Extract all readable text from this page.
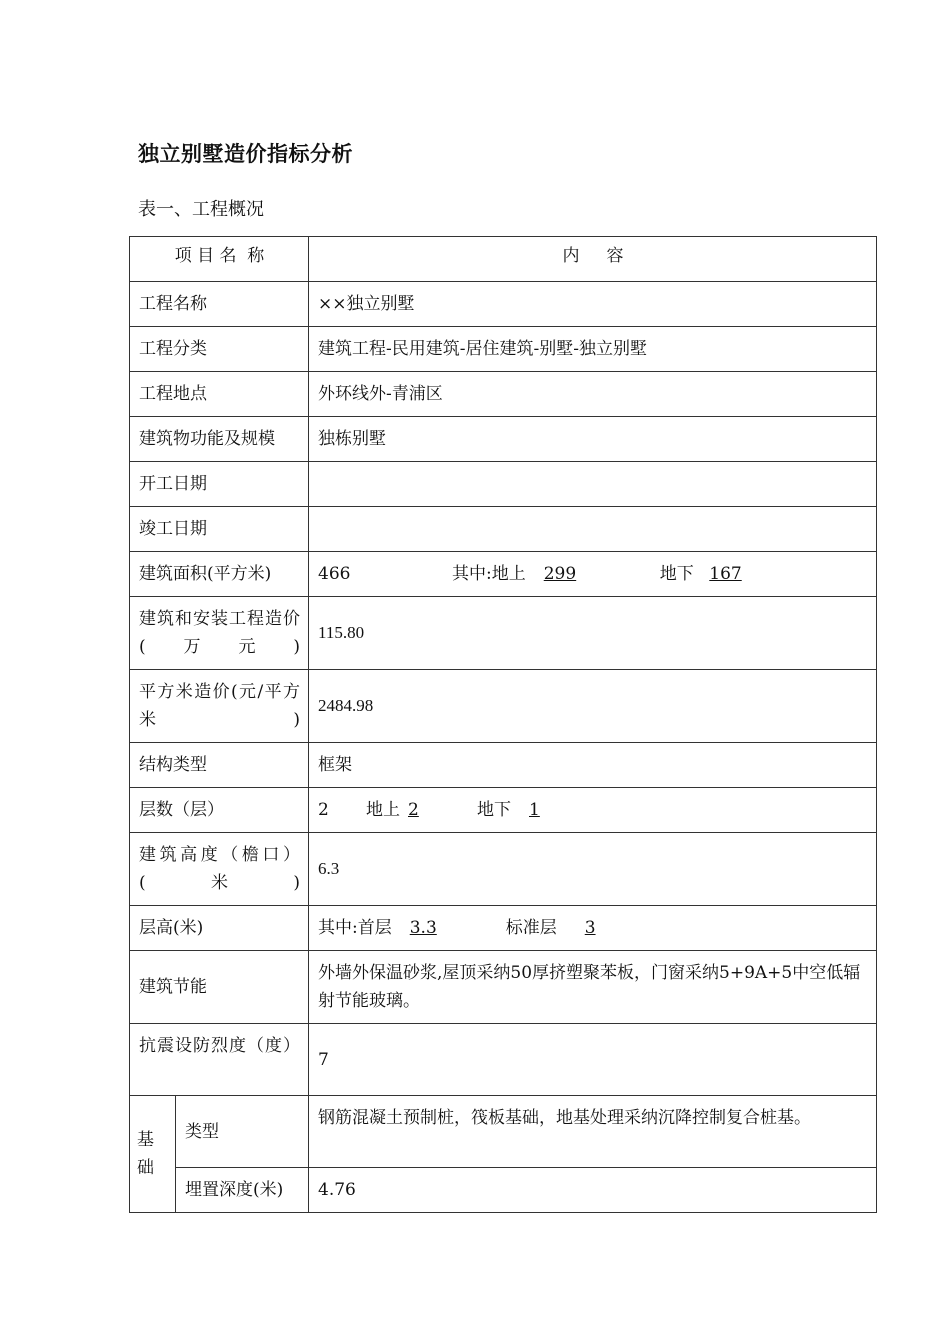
独立别墅造价指标分析
表一、工程概况
项 目 名  称		内     容
工程名称		××独立别墅
工程分类		建筑工程-民用建筑-居住建筑-别墅-独立别墅
工程地点		外环线外-青浦区
建筑物功能及规模		独栋别墅
开工日期		
竣工日期		
建筑面积(平方米)		466 其中:地上 299 地下 167
建筑和安装工程造价(万元)		115.80
平方米造价(元/平方米)		2484.98
结构类型		框架
层数（层）		2 地上 2 地下 1
建筑高度（檐口）(米)		6.3
层高(米)		其中:首层 3.3 标准层 3
建筑节能		外墙外保温砂浆,屋顶采纳50厚挤塑聚苯板，门窗采纳5+9A+5中空低辐射节能玻璃。
抗震设防烈度（度）		7
基础	类型	钢筋混凝土预制桩，筏板基础，地基处理采纳沉降控制复合桩基。
	埋置深度(米)	4.76
